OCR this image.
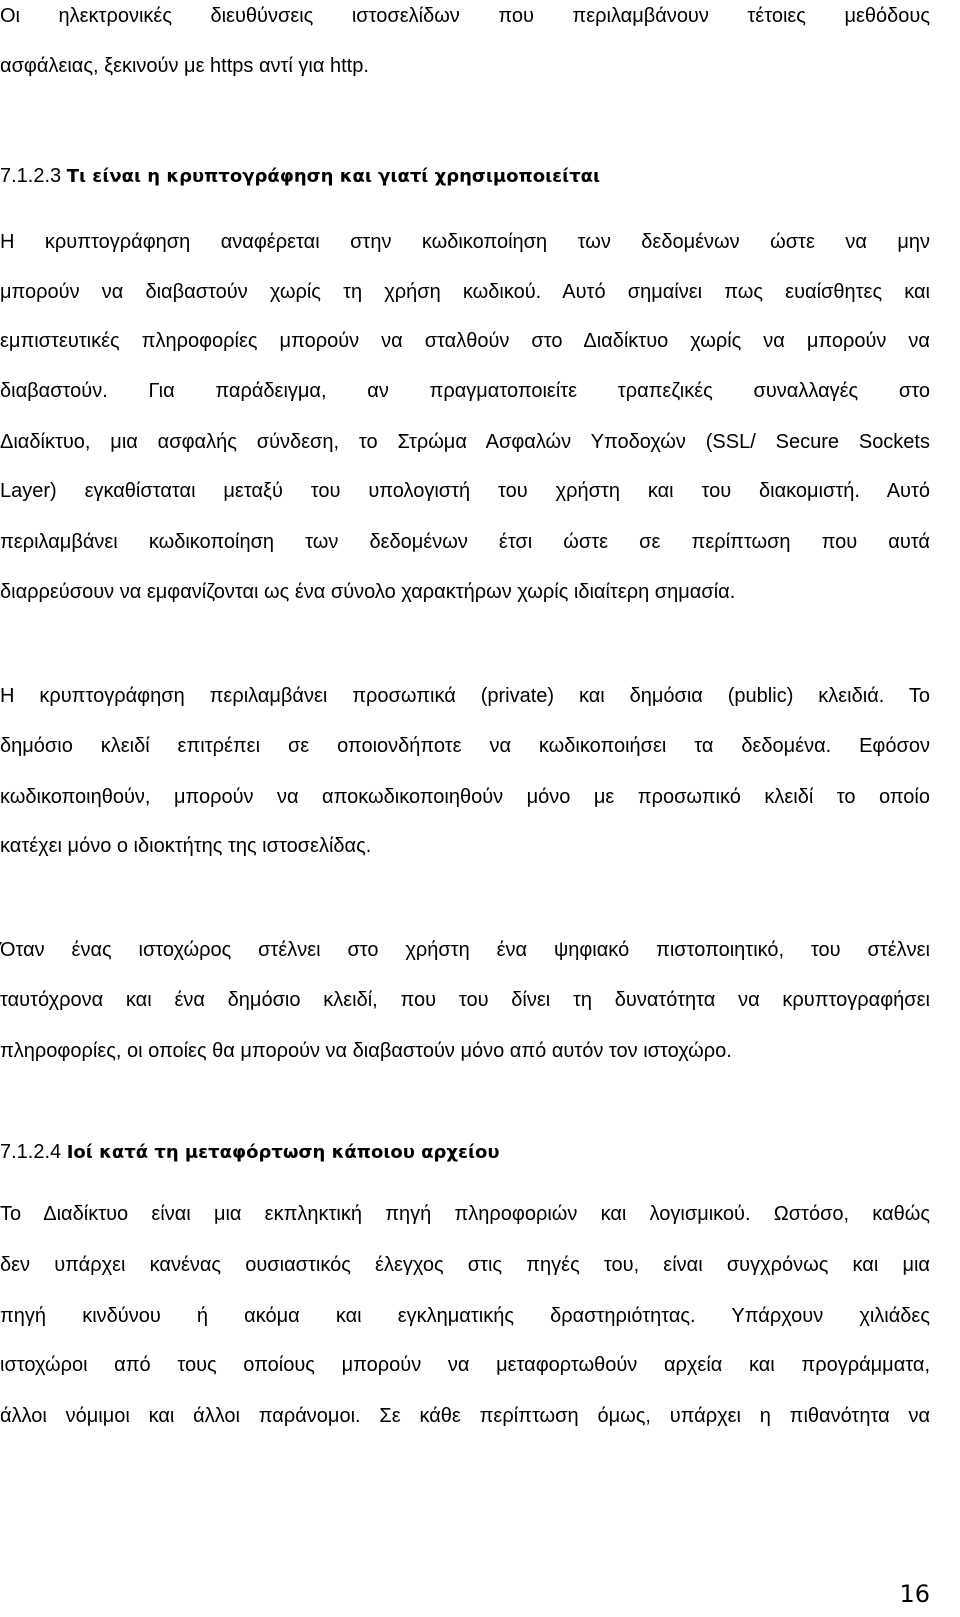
Οι ηλεκτρονικές διευθύνσεις ιστοσελίδων που περιλαμβάνουν τέτοιες μεθόδους
ασφάλειας, ξεκινούν με https αντί για http.
7.1.2.3 Τι είναι η κρυπτογράφηση και γιατί χρησιμοποιείται
Η κρυπτογράφηση αναφέρεται στην κωδικοποίηση των δεδομένων ώστε να μην
μπορούν να διαβαστούν χωρίς τη χρήση κωδικού. Αυτό σημαίνει πως ευαίσθητες και
εμπιστευτικές πληροφορίες μπορούν να σταλθούν στο Διαδίκτυο χωρίς να μπορούν να
διαβαστούν. Για παράδειγμα, αν πραγματοποιείτε τραπεζικές συναλλαγές στο
Διαδίκτυο, μια ασφαλής σύνδεση, το Στρώμα Ασφαλών Υποδοχών (SSL/ Secure Sockets
Layer) εγκαθίσταται μεταξύ του υπολογιστή του χρήστη και του διακομιστή. Αυτό
περιλαμβάνει κωδικοποίηση των δεδομένων έτσι ώστε σε περίπτωση που αυτά
διαρρεύσουν να εμφανίζονται ως ένα σύνολο χαρακτήρων χωρίς ιδιαίτερη σημασία.
Η κρυπτογράφηση περιλαμβάνει προσωπικά (private) και δημόσια (public) κλειδιά. Το
δημόσιο κλειδί επιτρέπει σε οποιονδήποτε να κωδικοποιήσει τα δεδομένα. Εφόσον
κωδικοποιηθούν, μπορούν να αποκωδικοποιηθούν μόνο με προσωπικό κλειδί το οποίο
κατέχει μόνο ο ιδιοκτήτης της ιστοσελίδας.
Όταν ένας ιστοχώρος στέλνει στο χρήστη ένα ψηφιακό πιστοποιητικό, του στέλνει
ταυτόχρονα και ένα δημόσιο κλειδί, που του δίνει τη δυνατότητα να κρυπτογραφήσει
πληροφορίες, οι οποίες θα μπορούν να διαβαστούν μόνο από αυτόν τον ιστοχώρο.
7.1.2.4 Ιοί κατά τη μεταφόρτωση κάποιου αρχείου
Το Διαδίκτυο είναι μια εκπληκτική πηγή πληροφοριών και λογισμικού. Ωστόσο, καθώς
δεν υπάρχει κανένας ουσιαστικός έλεγχος στις πηγές του, είναι συγχρόνως και μια
πηγή κινδύνου ή ακόμα και εγκληματικής δραστηριότητας. Υπάρχουν χιλιάδες
ιστοχώροι από τους οποίους μπορούν να μεταφορτωθούν αρχεία και προγράμματα,
άλλοι νόμιμοι και άλλοι παράνομοι. Σε κάθε περίπτωση όμως, υπάρχει η πιθανότητα να
16
